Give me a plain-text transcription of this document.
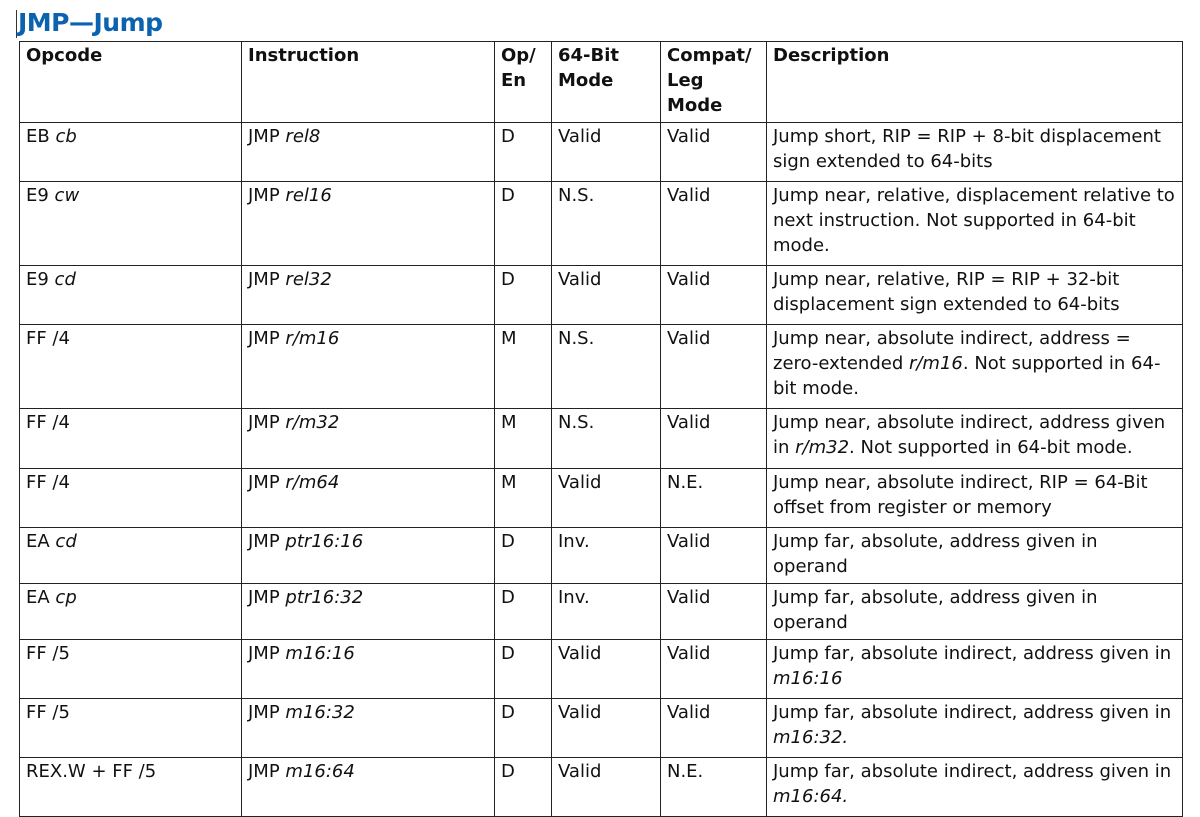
JMP—Jump
Opcode	Instruction	Op/ En	64-Bit Mode	Compat/ Leg Mode	Description
EB cb	JMP rel8	D	Valid	Valid	Jump short, RIP = RIP + 8-bit displacement sign extended to 64-bits
E9 cw	JMP rel16	D	N.S.	Valid	Jump near, relative, displacement relative to next instruction. Not supported in 64-bit mode.
E9 cd	JMP rel32	D	Valid	Valid	Jump near, relative, RIP = RIP + 32-bit displacement sign extended to 64-bits
FF /4	JMP r/m16	M	N.S.	Valid	Jump near, absolute indirect, address = zero-extended r/m16. Not supported in 64-bit mode.
FF /4	JMP r/m32	M	N.S.	Valid	Jump near, absolute indirect, address given in r/m32. Not supported in 64-bit mode.
FF /4	JMP r/m64	M	Valid	N.E.	Jump near, absolute indirect, RIP = 64-Bit offset from register or memory
EA cd	JMP ptr16:16	D	Inv.	Valid	Jump far, absolute, address given in operand
EA cp	JMP ptr16:32	D	Inv.	Valid	Jump far, absolute, address given in operand
FF /5	JMP m16:16	D	Valid	Valid	Jump far, absolute indirect, address given in m16:16
FF /5	JMP m16:32	D	Valid	Valid	Jump far, absolute indirect, address given in m16:32.
REX.W + FF /5	JMP m16:64	D	Valid	N.E.	Jump far, absolute indirect, address given in m16:64.
